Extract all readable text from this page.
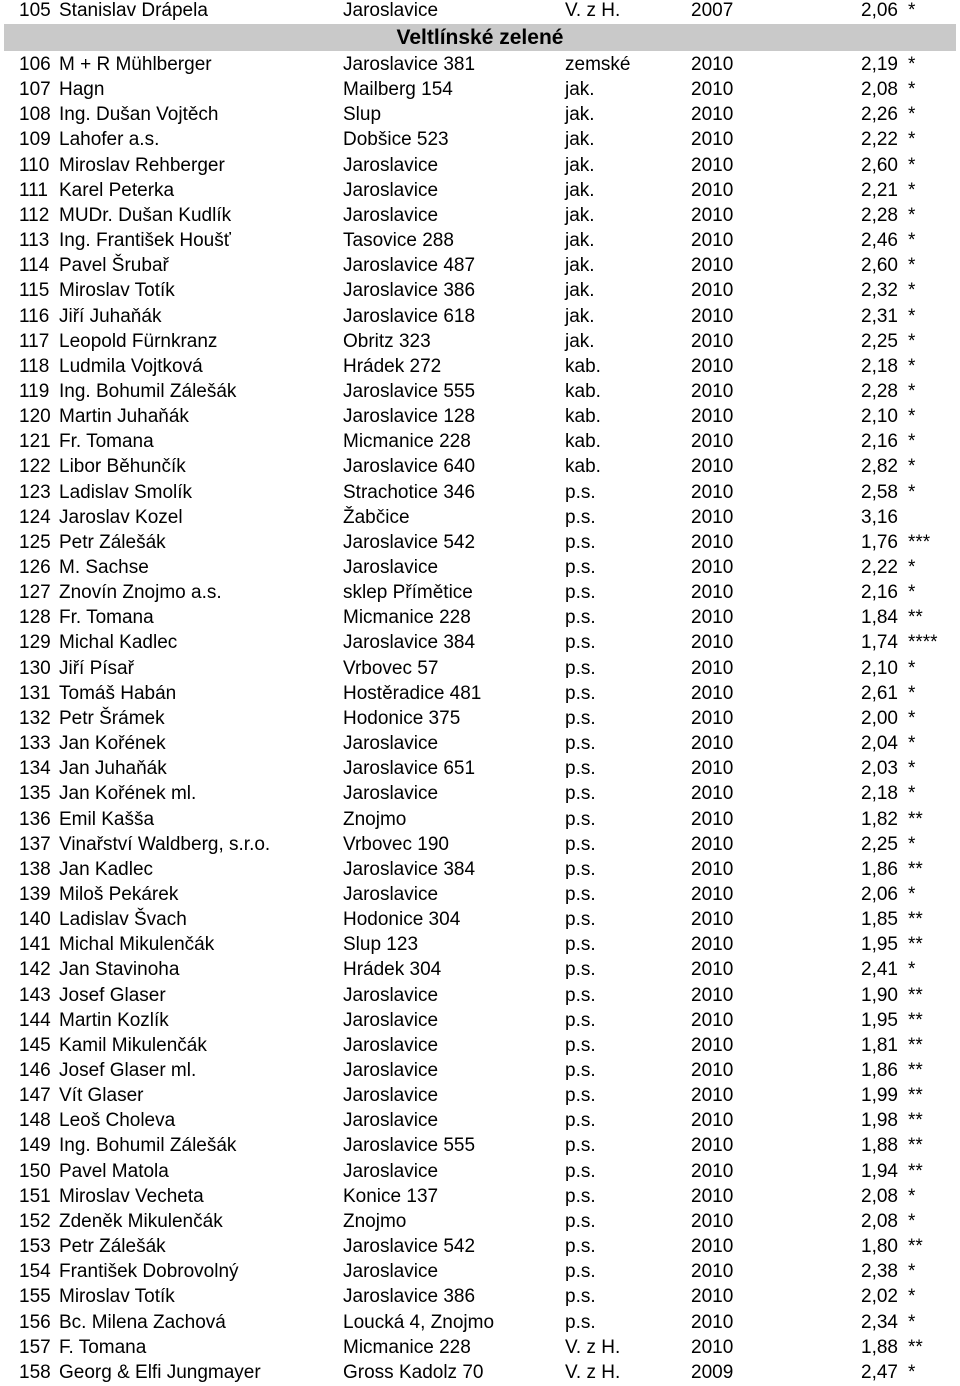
105 Stanislav Drápela	Jaroslavice	V. z H.	2007	2,06 *
Veltlínské zelené
106 M + R Mühlberger	Jaroslavice 381	zemské	2010	2,19 *
107 Hagn	Mailberg 154	jak.	2010	2,08 *
108 Ing. Dušan Vojtěch	Slup	jak.	2010	2,26 *
109 Lahofer a.s.	Dobšice 523	jak.	2010	2,22 *
110 Miroslav Rehberger	Jaroslavice	jak.	2010	2,60 *
111 Karel Peterka	Jaroslavice	jak.	2010	2,21 *
112 MUDr. Dušan Kudlík	Jaroslavice	jak.	2010	2,28 *
113 Ing. František Houšť	Tasovice 288	jak.	2010	2,46 *
114 Pavel Šrubař	Jaroslavice 487	jak.	2010	2,60 *
115 Miroslav Totík	Jaroslavice 386	jak.	2010	2,32 *
116 Jiří Juhaňák	Jaroslavice 618	jak.	2010	2,31 *
117 Leopold Fürnkranz	Obritz 323	jak.	2010	2,25 *
118 Ludmila Vojtková	Hrádek 272	kab.	2010	2,18 *
119 Ing. Bohumil Zálešák	Jaroslavice 555	kab.	2010	2,28 *
120 Martin Juhaňák	Jaroslavice 128	kab.	2010	2,10 *
121 Fr. Tomana	Micmanice 228	kab.	2010	2,16 *
122 Libor Běhunčík	Jaroslavice 640	kab.	2010	2,82 *
123 Ladislav Smolík	Strachotice 346	p.s.	2010	2,58 *
124 Jaroslav Kozel	Žabčice	p.s.	2010	3,16
125 Petr Zálešák	Jaroslavice 542	p.s.	2010	1,76 ***
126 M. Sachse	Jaroslavice	p.s.	2010	2,22 *
127 Znovín Znojmo a.s.	sklep Přímětice	p.s.	2010	2,16 *
128 Fr. Tomana	Micmanice 228	p.s.	2010	1,84 **
129 Michal Kadlec	Jaroslavice 384	p.s.	2010	1,74 ****
130 Jiří Písař	Vrbovec 57	p.s.	2010	2,10 *
131 Tomáš Habán	Hostěradice 481	p.s.	2010	2,61 *
132 Petr Šrámek	Hodonice 375	p.s.	2010	2,00 *
133 Jan Kořének	Jaroslavice	p.s.	2010	2,04 *
134 Jan Juhaňák	Jaroslavice 651	p.s.	2010	2,03 *
135 Jan Kořének ml.	Jaroslavice	p.s.	2010	2,18 *
136 Emil Kašša	Znojmo	p.s.	2010	1,82 **
137 Vinařství Waldberg, s.r.o.	Vrbovec 190	p.s.	2010	2,25 *
138 Jan Kadlec	Jaroslavice 384	p.s.	2010	1,86 **
139 Miloš Pekárek	Jaroslavice	p.s.	2010	2,06 *
140 Ladislav Švach	Hodonice 304	p.s.	2010	1,85 **
141 Michal Mikulenčák	Slup 123	p.s.	2010	1,95 **
142 Jan Stavinoha	Hrádek 304	p.s.	2010	2,41 *
143 Josef Glaser	Jaroslavice	p.s.	2010	1,90 **
144 Martin Kozlík	Jaroslavice	p.s.	2010	1,95 **
145 Kamil Mikulenčák	Jaroslavice	p.s.	2010	1,81 **
146 Josef Glaser ml.	Jaroslavice	p.s.	2010	1,86 **
147 Vít Glaser	Jaroslavice	p.s.	2010	1,99 **
148 Leoš Choleva	Jaroslavice	p.s.	2010	1,98 **
149 Ing. Bohumil Zálešák	Jaroslavice 555	p.s.	2010	1,88 **
150 Pavel Matola	Jaroslavice	p.s.	2010	1,94 **
151 Miroslav Vecheta	Konice 137	p.s.	2010	2,08 *
152 Zdeněk Mikulenčák	Znojmo	p.s.	2010	2,08 *
153 Petr Zálešák	Jaroslavice 542	p.s.	2010	1,80 **
154 František Dobrovolný	Jaroslavice	p.s.	2010	2,38 *
155 Miroslav Totík	Jaroslavice 386	p.s.	2010	2,02 *
156 Bc. Milena Zachová	Loucká 4, Znojmo	p.s.	2010	2,34 *
157 F. Tomana	Micmanice 228	V. z H.	2010	1,88 **
158 Georg & Elfi Jungmayer	Gross Kadolz 70	V. z H.	2009	2,47 *
